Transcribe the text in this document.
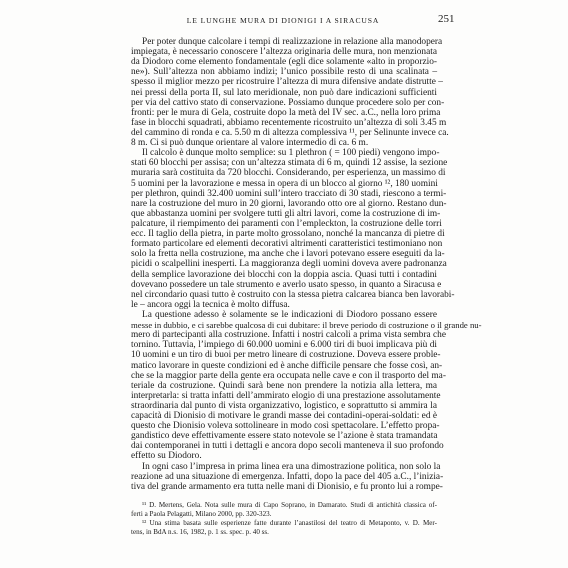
LE LUNGHE MURA DI DIONIGI I A SIRACUSA	251
Per poter dunque calcolare i tempi di realizzazione in relazione alla manodopera
impiegata, è necessario conoscere l’altezza originaria delle mura, non menzionata
da Diodoro come elemento fondamentale (egli dice solamente «alto in proporzio-
ne»). Sull’altezza non abbiamo indizi; l’unico possibile resto di una scalinata –
spesso il miglior mezzo per ricostruire l’altezza di mura difensive andate distrutte –
nei pressi della porta II, sul lato meridionale, non può dare indicazioni sufficienti
per via del cattivo stato di conservazione. Possiamo dunque procedere solo per con-
fronti: per le mura di Gela, costruite dopo la metà del IV sec. a.C., nella loro prima
fase in blocchi squadrati, abbiamo recentemente ricostruito un’altezza di soli 3.45 m
del cammino di ronda e ca. 5.50 m di altezza complessiva ¹¹, per Selinunte invece ca.
8 m. Ci si può dunque orientare al valore intermedio di ca. 6 m.
Il calcolo è dunque molto semplice: su 1 plethron ( = 100 piedi) vengono impo-
stati 60 blocchi per assisa; con un’altezza stimata di 6 m, quindi 12 assise, la sezione
muraria sarà costituita da 720 blocchi. Considerando, per esperienza, un massimo di
5 uomini per la lavorazione e messa in opera di un blocco al giorno ¹², 180 uomini
per plethron, quindi 32.400 uomini sull’intero tracciato di 30 stadi, riescono a termi-
nare la costruzione del muro in 20 giorni, lavorando otto ore al giorno. Restano dun-
que abbastanza uomini per svolgere tutti gli altri lavori, come la costruzione di im-
palcature, il riempimento dei paramenti con l’empleckton, la costruzione delle torri
ecc. Il taglio della pietra, in parte molto grossolano, nonché la mancanza di pietre di
formato particolare ed elementi decorativi altrimenti caratteristici testimoniano non
solo la fretta nella costruzione, ma anche che i lavori potevano essere eseguiti da la-
picidi o scalpellini inesperti. La maggioranza degli uomini doveva avere padronanza
della semplice lavorazione dei blocchi con la doppia ascia. Quasi tutti i contadini
dovevano possedere un tale strumento e averlo usato spesso, in quanto a Siracusa e
nel circondario quasi tutto è costruito con la stessa pietra calcarea bianca ben lavorabi-
le – ancora oggi la tecnica è molto diffusa.
La questione adesso è solamente se le indicazioni di Diodoro possano essere
messe in dubbio, e ci sarebbe qualcosa di cui dubitare: il breve periodo di costruzione o il grande nu-
mero di partecipanti alla costruzione. Infatti i nostri calcoli a prima vista sembra che
tornino. Tuttavia, l’impiego di 60.000 uomini e 6.000 tiri di buoi implicava più di
10 uomini e un tiro di buoi per metro lineare di costruzione. Doveva essere proble-
matico lavorare in queste condizioni ed è anche difficile pensare che fosse così, an-
che se la maggior parte della gente era occupata nelle cave e con il trasporto del ma-
teriale da costruzione. Quindi sarà bene non prendere la notizia alla lettera, ma
interpretarla: si tratta infatti dell’ammirato elogio di una prestazione assolutamente
straordinaria dal punto di vista organizzativo, logistico, e soprattutto si ammira la
capacità di Dionisio di motivare le grandi masse dei contadini-operai-soldati: ed è
questo che Dionisio voleva sottolineare in modo così spettacolare. L’effetto propa-
gandistico deve effettivamente essere stato notevole se l’azione è stata tramandata
dai contemporanei in tutti i dettagli e ancora dopo secoli manteneva il suo profondo
effetto su Diodoro.
In ogni caso l’impresa in prima linea era una dimostrazione politica, non solo la
reazione ad una situazione di emergenza. Infatti, dopo la pace del 405 a.C., l’inizia-
tiva del grande armamento era tutta nelle mani di Dionisio, e fu pronto lui a rompe-
¹¹ D. Mertens, Gela. Nota sulle mura di Capo Soprano, in Damarato. Studi di antichità classica of-
ferti a Paola Pelagatti, Milano 2000, pp. 320-323.
¹² Una stima basata sulle esperienze fatte durante l’anastilosi del teatro di Metaponto, v. D. Mer-
tens, in BdA n.s. 16, 1982, p. 1 ss. spec. p. 40 ss.
